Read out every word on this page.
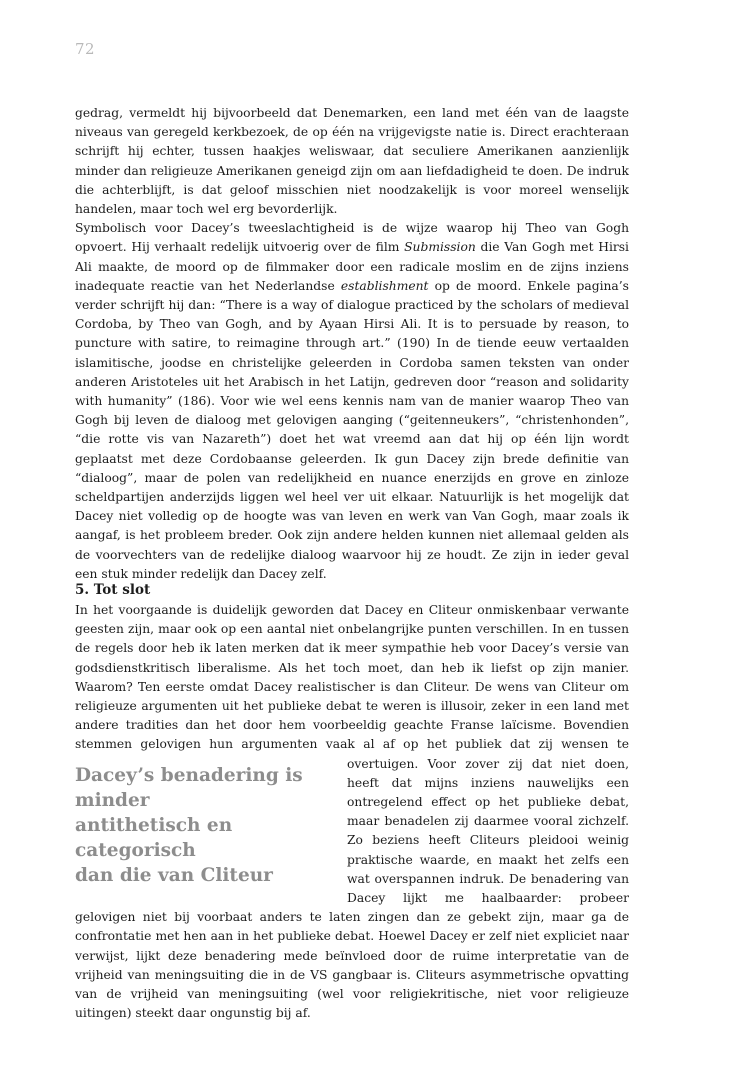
72

gedrag, vermeldt hij bijvoorbeeld dat Denemarken, een land met één van de laagste niveaus van geregeld kerkbezoek, de op één na vrijgevigste natie is. Direct erachteraan schrijft hij echter, tussen haakjes weliswaar, dat seculiere Amerikanen aanzienlijk minder dan religieuze Amerikanen geneigd zijn om aan liefdadigheid te doen. De indruk die achterblijft, is dat geloof misschien niet noodzakelijk is voor moreel wenselijk handelen, maar toch wel erg bevorderlijk.

Symbolisch voor Dacey’s tweeslachtigheid is de wijze waarop hij Theo van Gogh opvoert. Hij verhaalt redelijk uitvoerig over de film Submission die Van Gogh met Hirsi Ali maakte, de moord op de filmmaker door een radicale moslim en de zijns inziens inadequate reactie van het Nederlandse establishment op de moord. Enkele pagina’s verder schrijft hij dan: “There is a way of dialogue practiced by the scholars of medieval Cordoba, by Theo van Gogh, and by Ayaan Hirsi Ali. It is to persuade by reason, to puncture with satire, to reimagine through art.” (190) In de tiende eeuw vertaalden islamitische, joodse en christelijke geleerden in Cordoba samen teksten van onder anderen Aristoteles uit het Arabisch in het Latijn, gedreven door “reason and solidarity with humanity” (186). Voor wie wel eens kennis nam van de manier waarop Theo van Gogh bij leven de dialoog met gelovigen aanging (“geitenneukers”, “christenhonden”, “die rotte vis van Nazareth”) doet het wat vreemd aan dat hij op één lijn wordt geplaatst met deze Cordobaanse geleerden. Ik gun Dacey zijn brede definitie van “dialoog”, maar de polen van redelijkheid en nuance enerzijds en grove en zinloze scheldpartijen anderzijds liggen wel heel ver uit elkaar. Natuurlijk is het mogelijk dat Dacey niet volledig op de hoogte was van leven en werk van Van Gogh, maar zoals ik aangaf, is het probleem breder. Ook zijn andere helden kunnen niet allemaal gelden als de voorvechters van de redelijke dialoog waarvoor hij ze houdt. Ze zijn in ieder geval een stuk minder redelijk dan Dacey zelf.

5. Tot slot

In het voorgaande is duidelijk geworden dat Dacey en Cliteur onmiskenbaar verwante geesten zijn, maar ook op een aantal niet onbelangrijke punten verschillen. In en tussen de regels door heb ik laten merken dat ik meer sympathie heb voor Dacey’s versie van godsdienstkritisch liberalisme. Als het toch moet, dan heb ik liefst op zijn manier. Waarom? Ten eerste omdat Dacey realistischer is dan Cliteur. De wens van Cliteur om religieuze argumenten uit het publieke debat te weren is illusoir, zeker in een land met andere tradities dan het door hem voorbeeldig geachte Franse laïcisme. Bovendien stemmen gelovigen hun argumenten vaak al af op het publiek dat zij
Dacey’s benadering is minder
antithetisch en categorisch
dan die van Cliteur
wensen te overtuigen. Voor zover zij dat niet doen, heeft dat mijns inziens nauwelijks een ontregelend effect op het publieke debat, maar benadelen zij daarmee vooral zichzelf. Zo beziens heeft Cliteurs pleidooi weinig praktische waarde, en maakt het zelfs een wat overspannen indruk. De benadering van Dacey lijkt me haalbaarder: probeer gelovigen niet bij voorbaat anders te laten zingen dan ze gebekt zijn, maar ga de confrontatie met hen aan in het publieke debat. Hoewel Dacey er zelf niet expliciet naar verwijst, lijkt deze benadering mede beïnvloed door de ruime interpretatie van de vrijheid van meningsuiting die in de VS gangbaar is. Cliteurs asymmetrische opvatting van de vrijheid van meningsuiting (wel voor religiekritische, niet voor religieuze uitingen) steekt daar ongunstig bij af.
